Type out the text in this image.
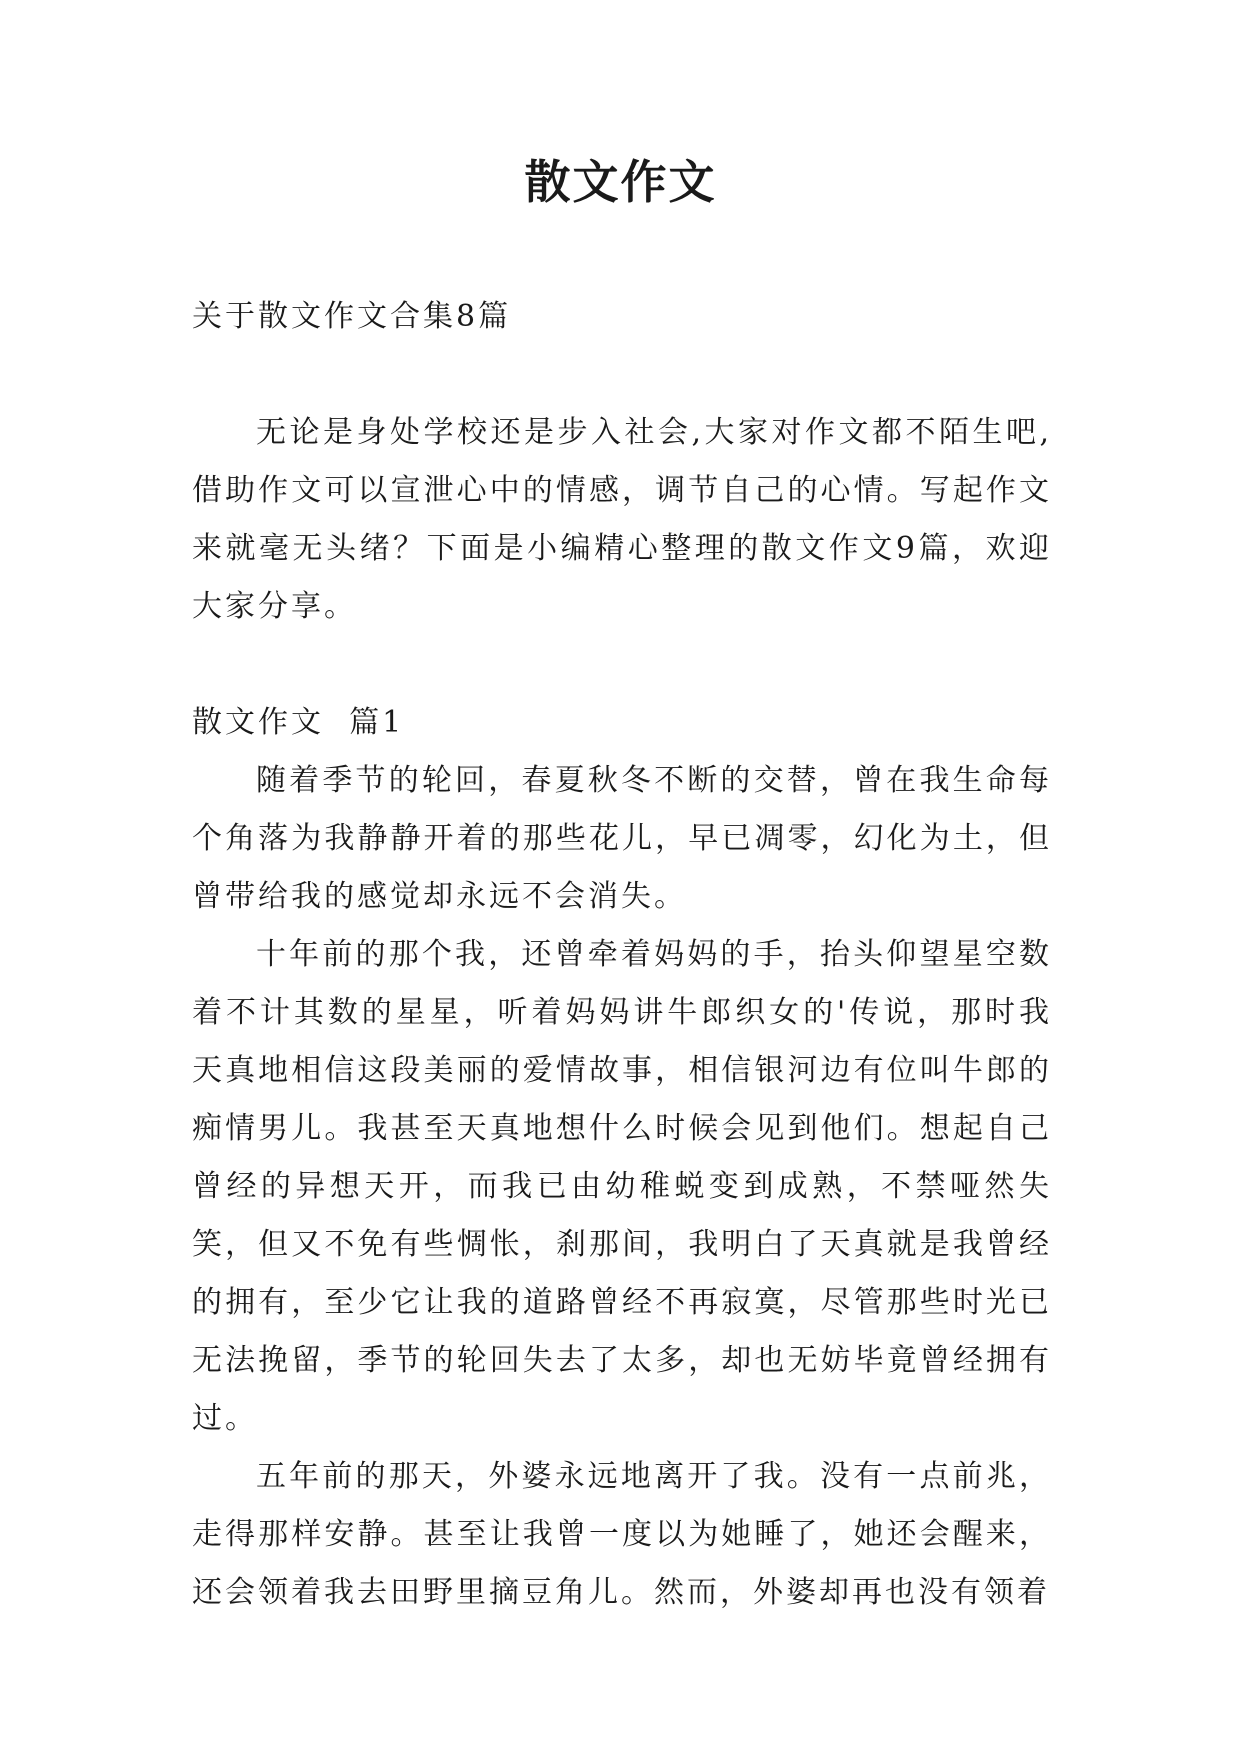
散文作文

关于散文作文合集8篇

无论是身处学校还是步入社会,大家对作文都不陌生吧,借助作文可以宣泄心中的情感，调节自己的心情。写起作文来就毫无头绪？下面是小编精心整理的散文作文9篇，欢迎大家分享。

散文作文  篇1

随着季节的轮回，春夏秋冬不断的交替，曾在我生命每个角落为我静静开着的那些花儿，早已凋零，幻化为土，但曾带给我的感觉却永远不会消失。

十年前的那个我，还曾牵着妈妈的手，抬头仰望星空数着不计其数的星星，听着妈妈讲牛郎织女的'传说，那时我天真地相信这段美丽的爱情故事，相信银河边有位叫牛郎的痴情男儿。我甚至天真地想什么时候会见到他们。想起自己曾经的异想天开，而我已由幼稚蜕变到成熟，不禁哑然失笑，但又不免有些惆怅，刹那间，我明白了天真就是我曾经的拥有，至少它让我的道路曾经不再寂寞，尽管那些时光已无法挽留，季节的轮回失去了太多，却也无妨毕竟曾经拥有过。

五年前的那天，外婆永远地离开了我。没有一点前兆，走得那样安静。甚至让我曾一度以为她睡了，她还会醒来，还会领着我去田野里摘豆角儿。然而，外婆却再也没有领着
